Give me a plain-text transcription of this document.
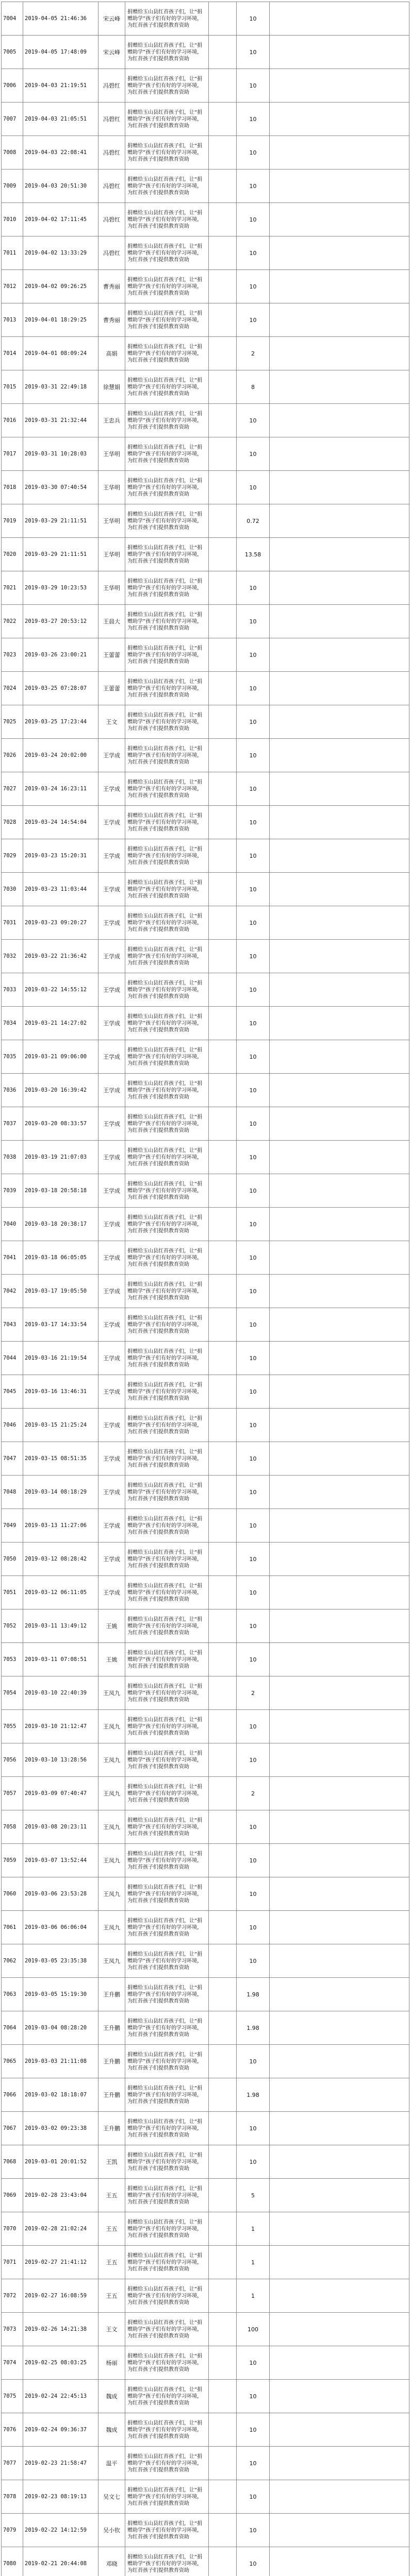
7004	2019-04-05 21:46:36	宋云峰	捐赠给玉山县红苔孩子们，让“捐赠助学”孩子们有好的学习环境，为红苔孩子们提供教育资助		10	
7005	2019-04-05 17:48:09	宋云峰	捐赠给玉山县红苔孩子们，让“捐赠助学”孩子们有好的学习环境，为红苔孩子们提供教育资助		10	
7006	2019-04-03 21:19:51	冯碧红	捐赠给玉山县红苔孩子们，让“捐赠助学”孩子们有好的学习环境，为红苔孩子们提供教育资助		10	
7007	2019-04-03 21:05:51	冯碧红	捐赠给玉山县红苔孩子们，让“捐赠助学”孩子们有好的学习环境，为红苔孩子们提供教育资助		10	
7008	2019-04-03 22:08:41	冯碧红	捐赠给玉山县红苔孩子们，让“捐赠助学”孩子们有好的学习环境，为红苔孩子们提供教育资助		10	
7009	2019-04-03 20:51:30	冯碧红	捐赠给玉山县红苔孩子们，让“捐赠助学”孩子们有好的学习环境，为红苔孩子们提供教育资助		10	
7010	2019-04-02 17:11:45	冯碧红	捐赠给玉山县红苔孩子们，让“捐赠助学”孩子们有好的学习环境，为红苔孩子们提供教育资助		10	
7011	2019-04-02 13:33:29	冯碧红	捐赠给玉山县红苔孩子们，让“捐赠助学”孩子们有好的学习环境，为红苔孩子们提供教育资助		10	
7012	2019-04-02 09:26:25	曹秀丽	捐赠给玉山县红苔孩子们，让“捐赠助学”孩子们有好的学习环境，为红苔孩子们提供教育资助		10	
7013	2019-04-01 18:29:25	曹秀丽	捐赠给玉山县红苔孩子们，让“捐赠助学”孩子们有好的学习环境，为红苔孩子们提供教育资助		10	
7014	2019-04-01 08:09:24	高娟	捐赠给玉山县红苔孩子们，让“捐赠助学”孩子们有好的学习环境，为红苔孩子们提供教育资助		2	
7015	2019-03-31 22:49:18	徐慧娟	捐赠给玉山县红苔孩子们，让“捐赠助学”孩子们有好的学习环境，为红苔孩子们提供教育资助		8	
7016	2019-03-31 21:32:44	王忠兵	捐赠给玉山县红苔孩子们，让“捐赠助学”孩子们有好的学习环境，为红苔孩子们提供教育资助		10	
7017	2019-03-31 10:28:03	王华明	捐赠给玉山县红苔孩子们，让“捐赠助学”孩子们有好的学习环境，为红苔孩子们提供教育资助		10	
7018	2019-03-30 07:40:54	王华明	捐赠给玉山县红苔孩子们，让“捐赠助学”孩子们有好的学习环境，为红苔孩子们提供教育资助		10	
7019	2019-03-29 21:11:51	王华明	捐赠给玉山县红苔孩子们，让“捐赠助学”孩子们有好的学习环境，为红苔孩子们提供教育资助		0.72	
7020	2019-03-29 21:11:51	王华明	捐赠给玉山县红苔孩子们，让“捐赠助学”孩子们有好的学习环境，为红苔孩子们提供教育资助		13.58	
7021	2019-03-29 10:23:53	王华明	捐赠给玉山县红苔孩子们，让“捐赠助学”孩子们有好的学习环境，为红苔孩子们提供教育资助		10	
7022	2019-03-27 20:53:12	王晨大	捐赠给玉山县红苔孩子们，让“捐赠助学”孩子们有好的学习环境，为红苔孩子们提供教育资助		10	
7023	2019-03-26 23:00:21	王蕾蕾	捐赠给玉山县红苔孩子们，让“捐赠助学”孩子们有好的学习环境，为红苔孩子们提供教育资助		10	
7024	2019-03-25 07:28:07	王蕾蕾	捐赠给玉山县红苔孩子们，让“捐赠助学”孩子们有好的学习环境，为红苔孩子们提供教育资助		10	
7025	2019-03-25 17:23:44	王文	捐赠给玉山县红苔孩子们，让“捐赠助学”孩子们有好的学习环境，为红苔孩子们提供教育资助		10	
7026	2019-03-24 20:02:00	王学成	捐赠给玉山县红苔孩子们，让“捐赠助学”孩子们有好的学习环境，为红苔孩子们提供教育资助		10	
7027	2019-03-24 16:23:11	王学成	捐赠给玉山县红苔孩子们，让“捐赠助学”孩子们有好的学习环境，为红苔孩子们提供教育资助		10	
7028	2019-03-24 14:54:04	王学成	捐赠给玉山县红苔孩子们，让“捐赠助学”孩子们有好的学习环境，为红苔孩子们提供教育资助		10	
7029	2019-03-23 15:20:31	王学成	捐赠给玉山县红苔孩子们，让“捐赠助学”孩子们有好的学习环境，为红苔孩子们提供教育资助		10	
7030	2019-03-23 11:03:44	王学成	捐赠给玉山县红苔孩子们，让“捐赠助学”孩子们有好的学习环境，为红苔孩子们提供教育资助		10	
7031	2019-03-23 09:20:27	王学成	捐赠给玉山县红苔孩子们，让“捐赠助学”孩子们有好的学习环境，为红苔孩子们提供教育资助		10	
7032	2019-03-22 21:36:42	王学成	捐赠给玉山县红苔孩子们，让“捐赠助学”孩子们有好的学习环境，为红苔孩子们提供教育资助		10	
7033	2019-03-22 14:55:12	王学成	捐赠给玉山县红苔孩子们，让“捐赠助学”孩子们有好的学习环境，为红苔孩子们提供教育资助		10	
7034	2019-03-21 14:27:02	王学成	捐赠给玉山县红苔孩子们，让“捐赠助学”孩子们有好的学习环境，为红苔孩子们提供教育资助		10	
7035	2019-03-21 09:06:00	王学成	捐赠给玉山县红苔孩子们，让“捐赠助学”孩子们有好的学习环境，为红苔孩子们提供教育资助		10	
7036	2019-03-20 16:39:42	王学成	捐赠给玉山县红苔孩子们，让“捐赠助学”孩子们有好的学习环境，为红苔孩子们提供教育资助		10	
7037	2019-03-20 08:33:57	王学成	捐赠给玉山县红苔孩子们，让“捐赠助学”孩子们有好的学习环境，为红苔孩子们提供教育资助		10	
7038	2019-03-19 21:07:03	王学成	捐赠给玉山县红苔孩子们，让“捐赠助学”孩子们有好的学习环境，为红苔孩子们提供教育资助		10	
7039	2019-03-18 20:58:18	王学成	捐赠给玉山县红苔孩子们，让“捐赠助学”孩子们有好的学习环境，为红苔孩子们提供教育资助		10	
7040	2019-03-18 20:38:17	王学成	捐赠给玉山县红苔孩子们，让“捐赠助学”孩子们有好的学习环境，为红苔孩子们提供教育资助		10	
7041	2019-03-18 06:05:05	王学成	捐赠给玉山县红苔孩子们，让“捐赠助学”孩子们有好的学习环境，为红苔孩子们提供教育资助		10	
7042	2019-03-17 19:05:50	王学成	捐赠给玉山县红苔孩子们，让“捐赠助学”孩子们有好的学习环境，为红苔孩子们提供教育资助		10	
7043	2019-03-17 14:33:54	王学成	捐赠给玉山县红苔孩子们，让“捐赠助学”孩子们有好的学习环境，为红苔孩子们提供教育资助		10	
7044	2019-03-16 21:19:54	王学成	捐赠给玉山县红苔孩子们，让“捐赠助学”孩子们有好的学习环境，为红苔孩子们提供教育资助		10	
7045	2019-03-16 13:46:31	王学成	捐赠给玉山县红苔孩子们，让“捐赠助学”孩子们有好的学习环境，为红苔孩子们提供教育资助		10	
7046	2019-03-15 21:25:24	王学成	捐赠给玉山县红苔孩子们，让“捐赠助学”孩子们有好的学习环境，为红苔孩子们提供教育资助		10	
7047	2019-03-15 08:51:35	王学成	捐赠给玉山县红苔孩子们，让“捐赠助学”孩子们有好的学习环境，为红苔孩子们提供教育资助		10	
7048	2019-03-14 08:18:29	王学成	捐赠给玉山县红苔孩子们，让“捐赠助学”孩子们有好的学习环境，为红苔孩子们提供教育资助		10	
7049	2019-03-13 11:27:06	王学成	捐赠给玉山县红苔孩子们，让“捐赠助学”孩子们有好的学习环境，为红苔孩子们提供教育资助		10	
7050	2019-03-12 08:28:42	王学成	捐赠给玉山县红苔孩子们，让“捐赠助学”孩子们有好的学习环境，为红苔孩子们提供教育资助		10	
7051	2019-03-12 06:11:05	王学成	捐赠给玉山县红苔孩子们，让“捐赠助学”孩子们有好的学习环境，为红苔孩子们提供教育资助		10	
7052	2019-03-11 13:49:12	王姚	捐赠给玉山县红苔孩子们，让“捐赠助学”孩子们有好的学习环境，为红苔孩子们提供教育资助		10	
7053	2019-03-11 07:08:51	王姚	捐赠给玉山县红苔孩子们，让“捐赠助学”孩子们有好的学习环境，为红苔孩子们提供教育资助		10	
7054	2019-03-10 22:40:39	王凤九	捐赠给玉山县红苔孩子们，让“捐赠助学”孩子们有好的学习环境，为红苔孩子们提供教育资助		2	
7055	2019-03-10 21:12:47	王凤九	捐赠给玉山县红苔孩子们，让“捐赠助学”孩子们有好的学习环境，为红苔孩子们提供教育资助		10	
7056	2019-03-10 13:28:56	王凤九	捐赠给玉山县红苔孩子们，让“捐赠助学”孩子们有好的学习环境，为红苔孩子们提供教育资助		10	
7057	2019-03-09 07:40:47	王凤九	捐赠给玉山县红苔孩子们，让“捐赠助学”孩子们有好的学习环境，为红苔孩子们提供教育资助		2	
7058	2019-03-08 20:23:11	王凤九	捐赠给玉山县红苔孩子们，让“捐赠助学”孩子们有好的学习环境，为红苔孩子们提供教育资助		10	
7059	2019-03-07 13:52:44	王凤九	捐赠给玉山县红苔孩子们，让“捐赠助学”孩子们有好的学习环境，为红苔孩子们提供教育资助		10	
7060	2019-03-06 23:53:28	王凤九	捐赠给玉山县红苔孩子们，让“捐赠助学”孩子们有好的学习环境，为红苔孩子们提供教育资助		10	
7061	2019-03-06 06:06:04	王凤九	捐赠给玉山县红苔孩子们，让“捐赠助学”孩子们有好的学习环境，为红苔孩子们提供教育资助		10	
7062	2019-03-05 23:35:38	王凤九	捐赠给玉山县红苔孩子们，让“捐赠助学”孩子们有好的学习环境，为红苔孩子们提供教育资助		10	
7063	2019-03-05 15:19:30	王升鹏	捐赠给玉山县红苔孩子们，让“捐赠助学”孩子们有好的学习环境，为红苔孩子们提供教育资助		1.98	
7064	2019-03-04 08:28:20	王升鹏	捐赠给玉山县红苔孩子们，让“捐赠助学”孩子们有好的学习环境，为红苔孩子们提供教育资助		1.98	
7065	2019-03-03 21:11:08	王升鹏	捐赠给玉山县红苔孩子们，让“捐赠助学”孩子们有好的学习环境，为红苔孩子们提供教育资助		10	
7066	2019-03-02 18:18:07	王升鹏	捐赠给玉山县红苔孩子们，让“捐赠助学”孩子们有好的学习环境，为红苔孩子们提供教育资助		1.98	
7067	2019-03-02 09:23:38	王升鹏	捐赠给玉山县红苔孩子们，让“捐赠助学”孩子们有好的学习环境，为红苔孩子们提供教育资助		10	
7068	2019-03-01 20:01:52	王凯	捐赠给玉山县红苔孩子们，让“捐赠助学”孩子们有好的学习环境，为红苔孩子们提供教育资助		10	
7069	2019-02-28 23:43:04	王五	捐赠给玉山县红苔孩子们，让“捐赠助学”孩子们有好的学习环境，为红苔孩子们提供教育资助		5	
7070	2019-02-28 21:02:24	王五	捐赠给玉山县红苔孩子们，让“捐赠助学”孩子们有好的学习环境，为红苔孩子们提供教育资助		1	
7071	2019-02-27 21:41:12	王五	捐赠给玉山县红苔孩子们，让“捐赠助学”孩子们有好的学习环境，为红苔孩子们提供教育资助		1	
7072	2019-02-27 16:08:59	王五	捐赠给玉山县红苔孩子们，让“捐赠助学”孩子们有好的学习环境，为红苔孩子们提供教育资助		1	
7073	2019-02-26 14:21:38	王文	捐赠给玉山县红苔孩子们，让“捐赠助学”孩子们有好的学习环境，为红苔孩子们提供教育资助		100	
7074	2019-02-25 08:03:25	杨丽	捐赠给玉山县红苔孩子们，让“捐赠助学”孩子们有好的学习环境，为红苔孩子们提供教育资助		10	
7075	2019-02-24 22:45:13	魏成	捐赠给玉山县红苔孩子们，让“捐赠助学”孩子们有好的学习环境，为红苔孩子们提供教育资助		10	
7076	2019-02-24 09:36:37	魏成	捐赠给玉山县红苔孩子们，让“捐赠助学”孩子们有好的学习环境，为红苔孩子们提供教育资助		10	
7077	2019-02-23 21:58:47	温平	捐赠给玉山县红苔孩子们，让“捐赠助学”孩子们有好的学习环境，为红苔孩子们提供教育资助		10	
7078	2019-02-23 08:19:13	吴文七	捐赠给玉山县红苔孩子们，让“捐赠助学”孩子们有好的学习环境，为红苔孩子们提供教育资助		10	
7079	2019-02-22 14:12:59	吴小钦	捐赠给玉山县红苔孩子们，让“捐赠助学”孩子们有好的学习环境，为红苔孩子们提供教育资助		10	
7080	2019-02-21 20:44:08	邓晓	捐赠给玉山县红苔孩子们，让“捐赠助学”孩子们有好的学习环境，为红苔孩子们提供教育资助		10	
